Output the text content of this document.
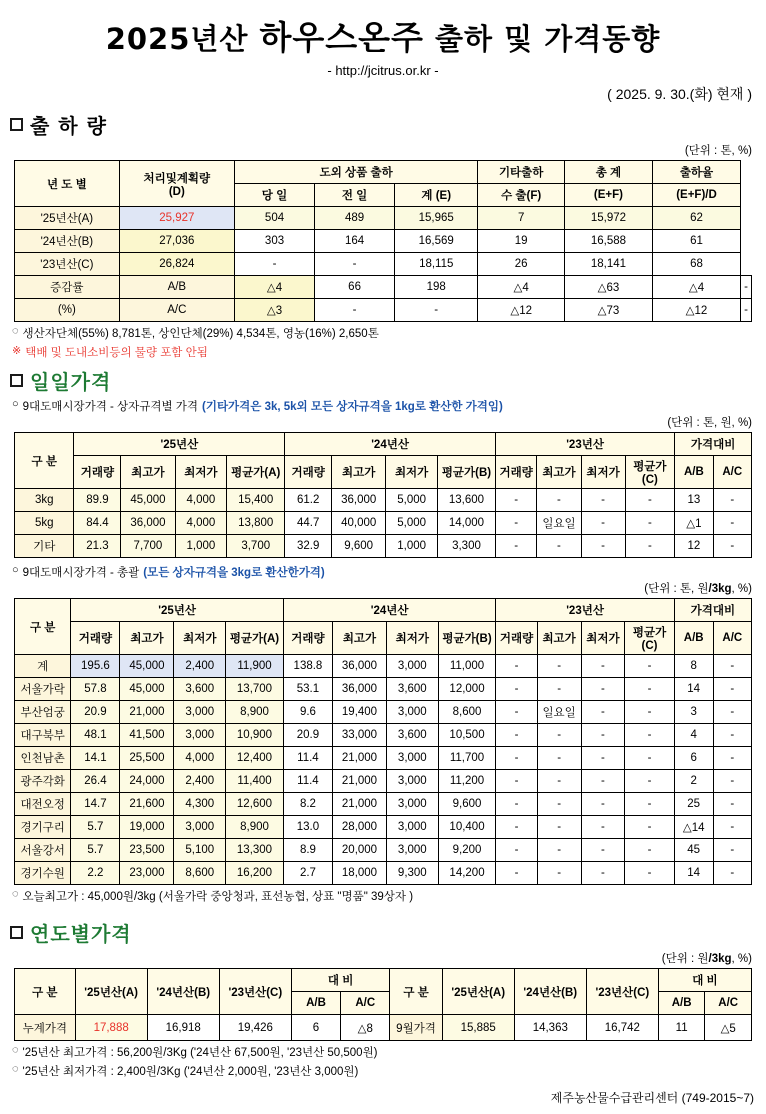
2025년산 하우스온주 출하 및 가격동향
- http://jcitrus.or.kr -
( 2025. 9. 30.(화) 현재 )
출 하 량
(단위 : 톤, %)
년 도 별	처리및계획량
(D)	도외 상품 출하			기타출하	총 계	출하율	
		당 일	전 일	계 (E)	수 출(F)	(E+F)	(E+F)/D	
'25년산(A)	25,927	504	489	15,965	7	15,972	62	
'24년산(B)	27,036	303	164	16,569	19	16,588	61	
'23년산(C)	26,824	-	-	18,115	26	18,141	68	
증감률	A/B	△4	66	198	△4	△63	△4	-
(%)	A/C	△3	-	-	△12	△73	△12	-
◌ 생산자단체(55%) 8,781톤, 상인단체(29%) 4,534톤, 영농(16%) 2,650톤
※ 택배 및 도내소비등의 물량 포함 안됨
일일가격
○ 9대도매시장가격 - 상자규격별 가격 (기타가격은 3k, 5k외 모든 상자규격을 1kg로 환산한 가격임)
(단위 : 톤, 원, %)
구 분	'25년산				'24년산				'23년산				가격대비	
	거래량	최고가	최저가	평균가(A)	거래량	최고가	최저가	평균가(B)	거래량	최고가	최저가	평균가(C)	A/B	A/C
3kg	89.9	45,000	4,000	15,400	61.2	36,000	5,000	13,600	-	-	-	-	13	-
5kg	84.4	36,000	4,000	13,800	44.7	40,000	5,000	14,000	-	일요일	-	-	△1	-
기타	21.3	7,700	1,000	3,700	32.9	9,600	1,000	3,300	-	-	-	-	12	-
○ 9대도매시장가격 - 총괄 (모든 상자규격을 3kg로 환산한가격)
(단위 : 톤, 원/3kg, %)
구 분	'25년산				'24년산				'23년산				가격대비	
	거래량	최고가	최저가	평균가(A)	거래량	최고가	최저가	평균가(B)	거래량	최고가	최저가	평균가(C)	A/B	A/C
계	195.6	45,000	2,400	11,900	138.8	36,000	3,000	11,000	-	-	-	-	8	-
서울가락	57.8	45,000	3,600	13,700	53.1	36,000	3,600	12,000	-	-	-	-	14	-
부산엄궁	20.9	21,000	3,000	8,900	9.6	19,400	3,000	8,600	-	일요일	-	-	3	-
대구북부	48.1	41,500	3,000	10,900	20.9	33,000	3,600	10,500	-	-	-	-	4	-
인천남촌	14.1	25,500	4,000	12,400	11.4	21,000	3,000	11,700	-	-	-	-	6	-
광주각화	26.4	24,000	2,400	11,400	11.4	21,000	3,000	11,200	-	-	-	-	2	-
대전오정	14.7	21,600	4,300	12,600	8.2	21,000	3,000	9,600	-	-	-	-	25	-
경기구리	5.7	19,000	3,000	8,900	13.0	28,000	3,000	10,400	-	-	-	-	△14	-
서울강서	5.7	23,500	5,100	13,300	8.9	20,000	3,000	9,200	-	-	-	-	45	-
경기수원	2.2	23,000	8,600	16,200	2.7	18,000	9,300	14,200	-	-	-	-	14	-
◌ 오늘최고가 : 45,000원/3kg (서울가락 중앙청과, 표선농협, 상표 "명품" 39상자 )
연도별가격
(단위 : 원/3kg, %)
구 분	'25년산(A)	'24년산(B)	'23년산(C)	대 비		구 분	'25년산(A)	'24년산(B)	'23년산(C)	대 비	
				A/B	A/C					A/B	A/C
누계가격	17,888	16,918	19,426	6	△8	9월가격	15,885	14,363	16,742	11	△5
◌ '25년산 최고가격 : 56,200원/3Kg ('24년산 67,500원, '23년산 50,500원)
◌ '25년산 최저가격 : 2,400원/3Kg ('24년산 2,000원, '23년산 3,000원)
제주농산물수급관리센터 (749-2015~7)
